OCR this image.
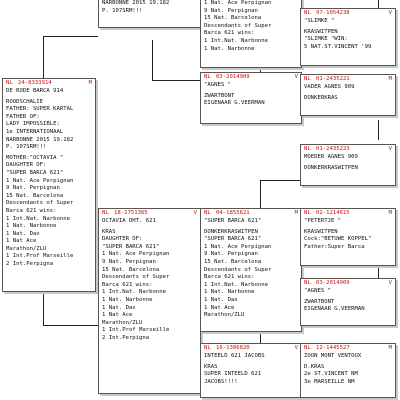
NARBONNE 2015 19.182
P. 107SRM!!!
NL 24-8333914	M
DE RODE BARCA 914
ROODSCHALIE
FATHER: SUPER KARTAL
FATHER OF:
LADY IMPOSSIBLE:
1e INTERNATIONAAL
NARBONNE 2015 19.182
P. 107SRM!!!
MOTHER:"OCTAVIA "
DAUGHTER OF:
"SUPER BARCA 621"
1 Nat. Ace Perpignan
9 Nat. Perpignan
15 Nat. Barcelona
Descendants of Super
Barca 621 wins:
1 Int.Nat. Narbonne
1 Nat. Narbonne
1 Nat. Dax
1 Nat Ace
Marathon/ZLU
1 Int.Prof Marseille
2 Int.Perpigna
1 Nat. Ace Perpignan
9 Nat. Perpignan
15 Nat. Barcelona
Descendants of Super
Barca 621 wins:
1 Int.Nat. Narbonne
1 Nat. Narbonne
NL 18-1751365	V
OCTAVIA DHT. 621
KRAS
DAUGHTER OF:
"SUPER BARCA 621"
1 Nat. Ace Perpignan
9 Nat. Perpignan
15 Nat. Barcelona
Descendants of Super
Barca 621 wins:
1 Int.Nat. Narbonne
1 Nat. Narbonne
1 Nat. Dax
1 Nat Ace
Marathon/ZLU
1 Int.Prof Marseille
2 Int.Perpigna
NL 03-2014909	V
"AGNES "
ZWARTBONT
EIGENAAR G.VEERMAN
NL 04-1855621	M
"SUPER BARCA 621"
DONKERKRASWITPEN
"SUPER BARCA 621"
1 Nat. Ace Perpignan
9 Nat. Perpignan
15 Nat. Barcelona
Descendants of Super
Barca 621 wins:
1 Int.Nat. Narbonne
1 Nat. Narbonne
1 Nat. Dax
1 Nat Ace
Marathon/ZLU
NL 16-1386820	V
INTEELD 621 JACOBS
KRAS
SUPER INTEELD 621
JACOBS!!!!
NL 97-1054238	V
"SLIMKE "
KRASWITPEN
"SLIMKE "WIN:
5 NAT.ST.VINCENT '99
NL 01-2435221	M
VADER AGNES 909
DONKERKRAS
NL 01-2435223	V
MOEDER AGNES 909
DONKERKRASWITPEN
NL 02-1214615	M
"PETERTJE "
KRASWITPEN
Cock:"BETUWE KOPPEL"
Father:Super Barca
NL 03-2014909	V
"AGNES "
ZWARTBONT
EIGENAAR G.VEERMAN
NL 12-1445527	M
ZOON MONT VENTOUX
D.KRAS
2e ST.VINCENT NM
3e MARSEILLE NM
